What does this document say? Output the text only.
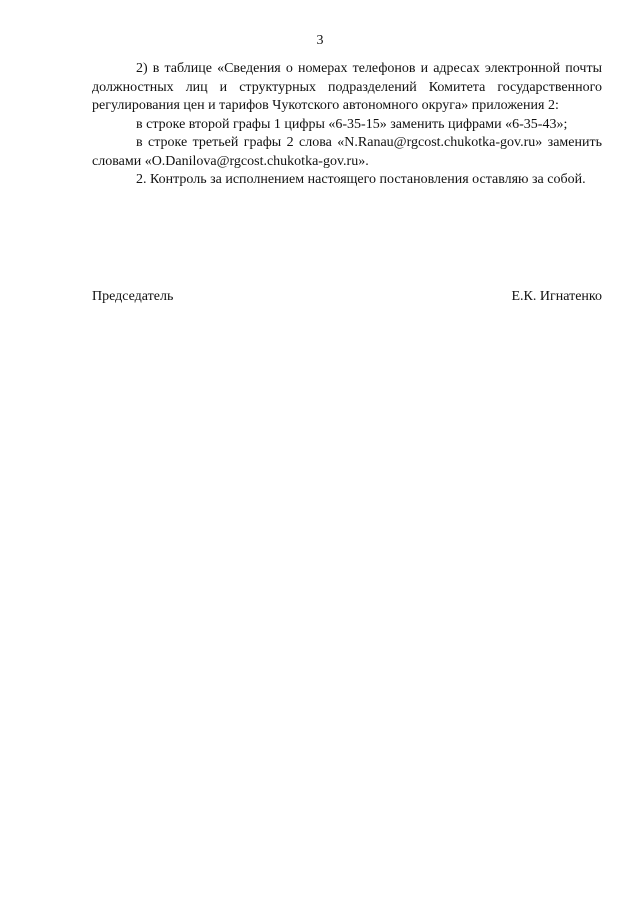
3

2) в таблице «Сведения о номерах телефонов и адресах электронной почты должностных лиц и структурных подразделений Комитета государственного регулирования цен и тарифов Чукотского автономного округа» приложения 2:

в строке второй графы 1 цифры «6-35-15» заменить цифрами «6-35-43»;

в строке третьей графы 2 слова «N.Ranau@rgcost.chukotka-gov.ru» заменить словами «O.Danilova@rgcost.chukotka-gov.ru».

2. Контроль за исполнением настоящего постановления оставляю за собой.

Председатель	Е.К. Игнатенко
